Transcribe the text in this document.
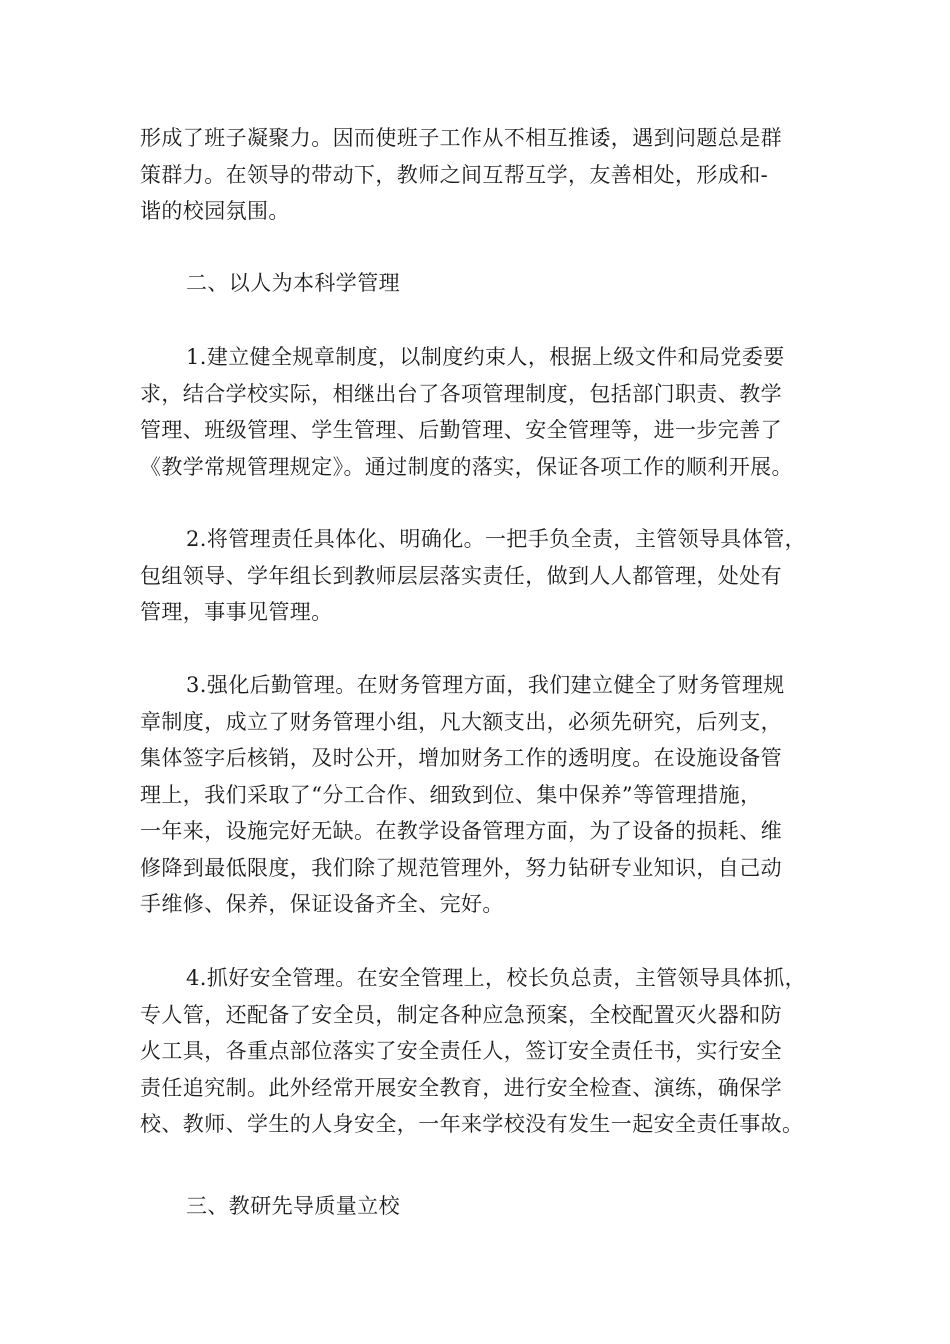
形成了班子凝聚力。因而使班子工作从不相互推诿，遇到问题总是群
策群力。在领导的带动下，教师之间互帮互学，友善相处，形成和-
谐的校园氛围。
二、以人为本科学管理
1.建立健全规章制度，以制度约束人，根据上级文件和局党委要
求，结合学校实际，相继出台了各项管理制度，包括部门职责、教学
管理、班级管理、学生管理、后勤管理、安全管理等，进一步完善了
《教学常规管理规定》。通过制度的落实，保证各项工作的顺利开展。
2.将管理责任具体化、明确化。一把手负全责，主管领导具体管，
包组领导、学年组长到教师层层落实责任，做到人人都管理，处处有
管理，事事见管理。
3.强化后勤管理。在财务管理方面，我们建立健全了财务管理规
章制度，成立了财务管理小组，凡大额支出，必须先研究，后列支，
集体签字后核销，及时公开，增加财务工作的透明度。在设施设备管
理上，我们采取了“分工合作、细致到位、集中保养”等管理措施，
一年来，设施完好无缺。在教学设备管理方面，为了设备的损耗、维
修降到最低限度，我们除了规范管理外，努力钻研专业知识，自己动
手维修、保养，保证设备齐全、完好。
4.抓好安全管理。在安全管理上，校长负总责，主管领导具体抓，
专人管，还配备了安全员，制定各种应急预案，全校配置灭火器和防
火工具，各重点部位落实了安全责任人，签订安全责任书，实行安全
责任追究制。此外经常开展安全教育，进行安全检查、演练，确保学
校、教师、学生的人身安全，一年来学校没有发生一起安全责任事故。
三、教研先导质量立校
